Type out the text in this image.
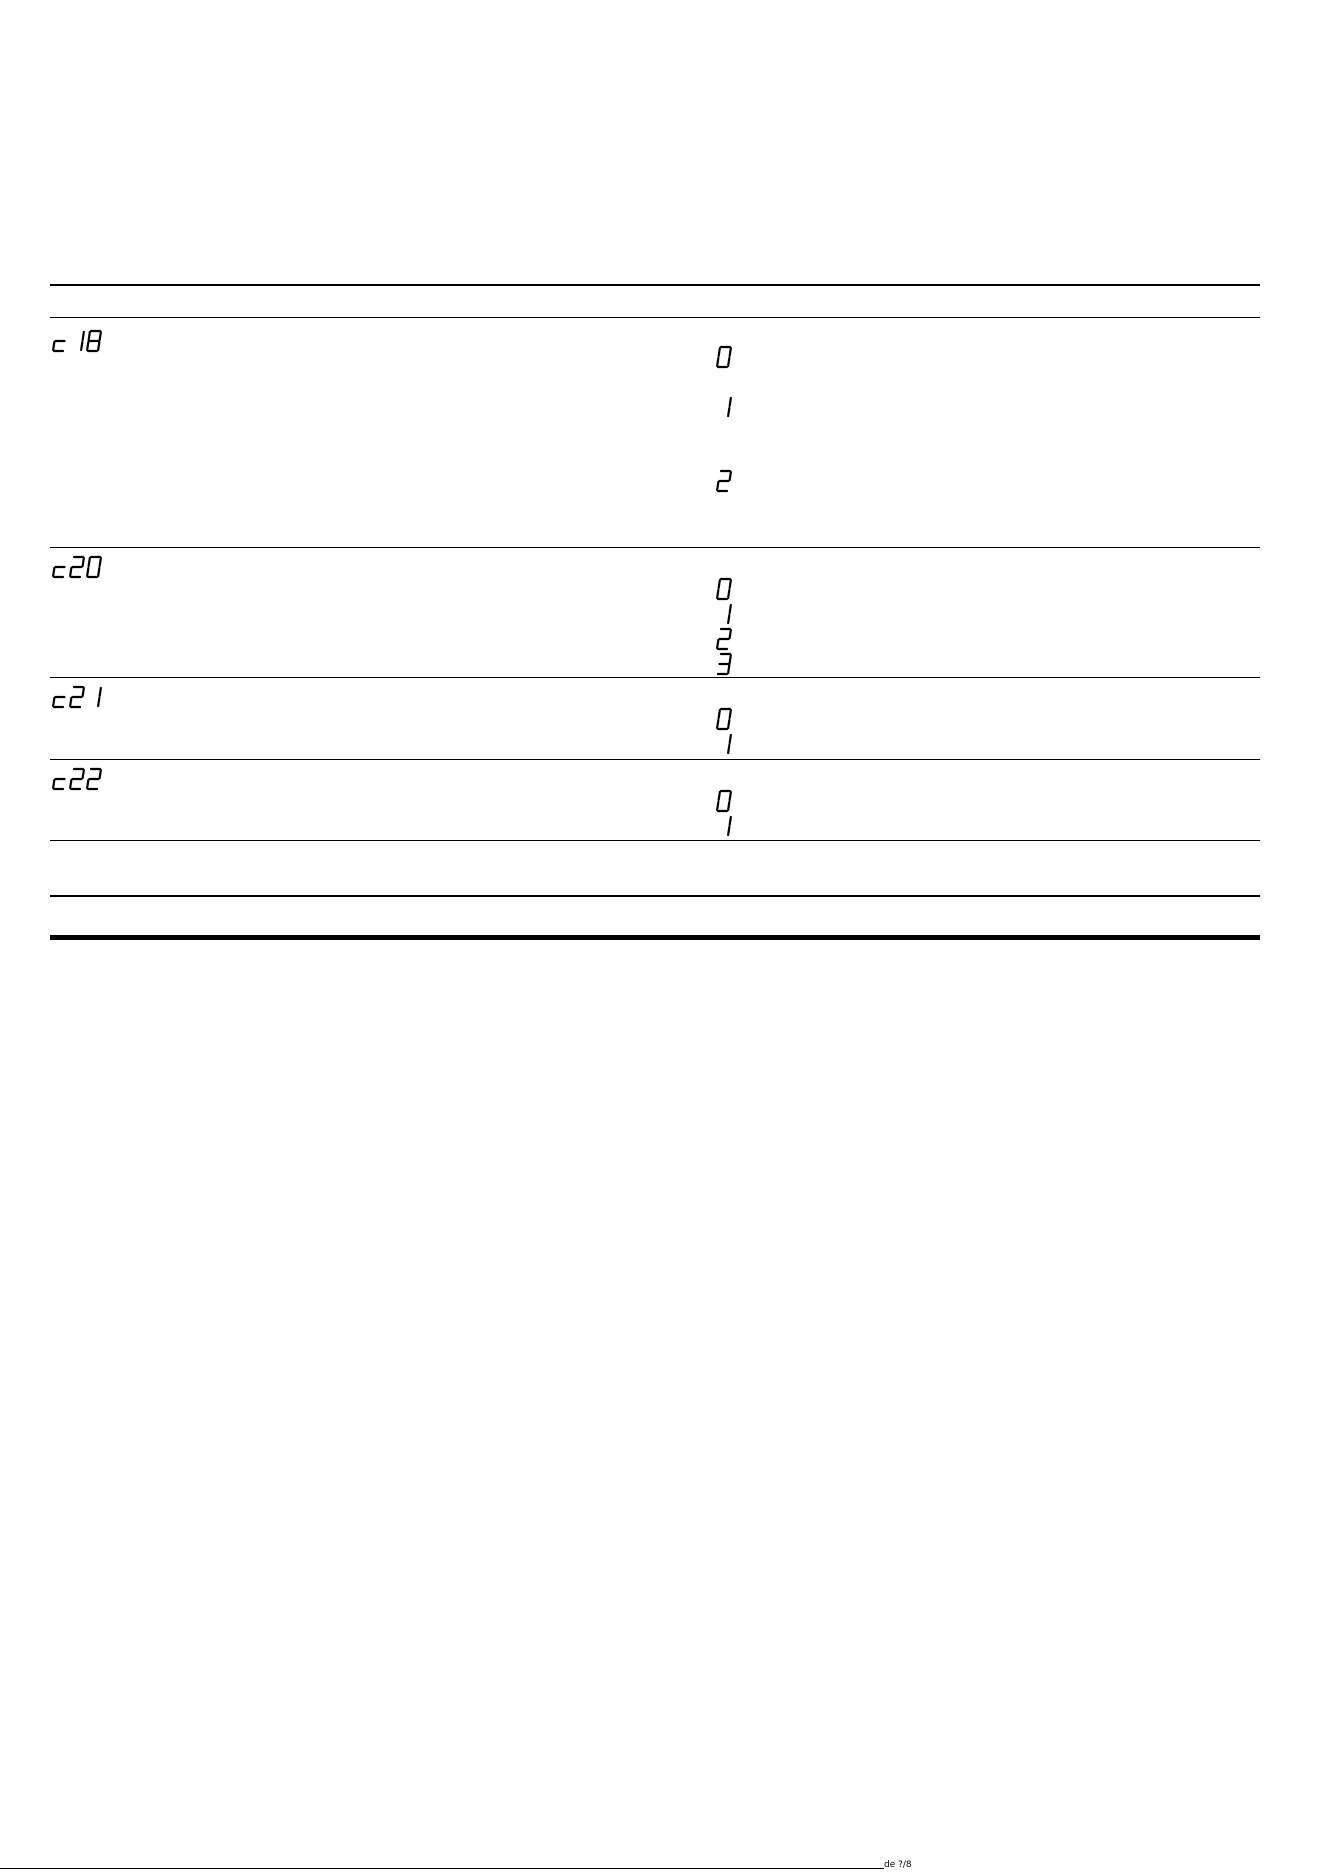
de ?/8
